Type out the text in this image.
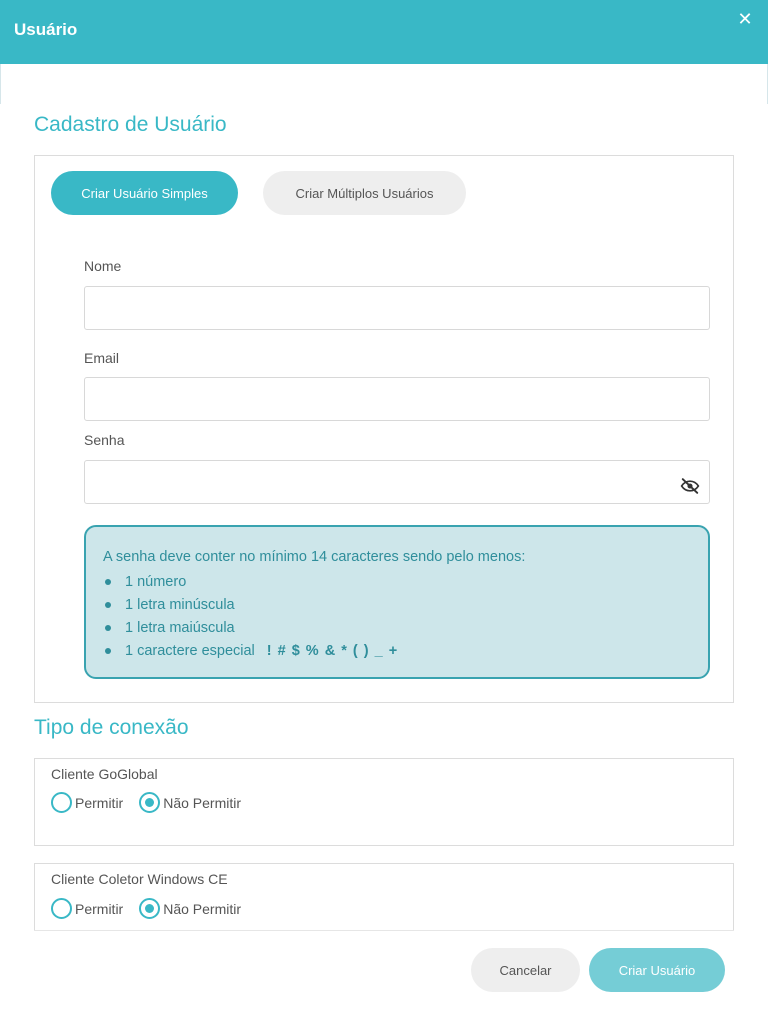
Usuário
✕
Cadastro de Usuário
Criar Usuário Simples	Criar Múltiplos Usuários
Nome
Email
Senha
A senha deve conter no mínimo 14 caracteres sendo pelo menos:
1 número
1 letra minúscula
1 letra maiúscula
1 caractere especial ! # $ % & * ( ) _ +
Tipo de conexão
Cliente GoGlobal
Permitir	Não Permitir
Cliente Coletor Windows CE
Permitir	Não Permitir
Cancelar	Criar Usuário
